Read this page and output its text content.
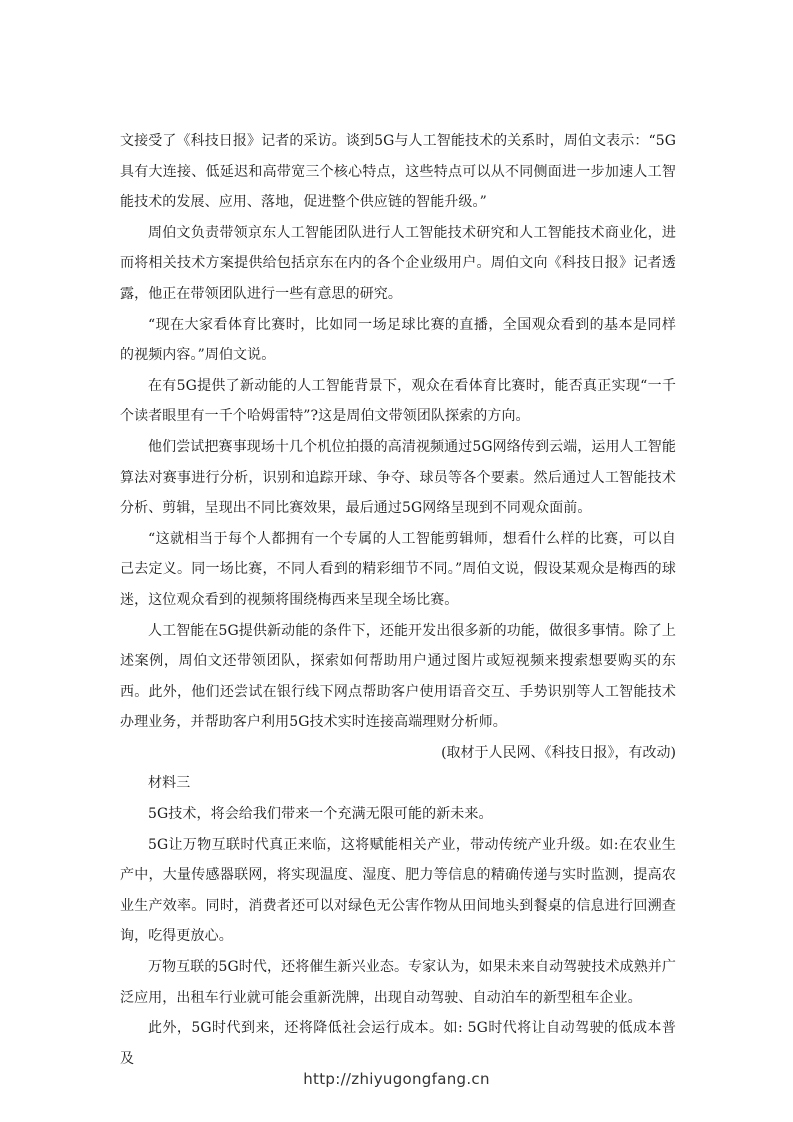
文接受了《科技日报》记者的采访。谈到5G与人工智能技术的关系时，周伯文表示：“5G具有大连接、低延迟和高带宽三个核心特点，这些特点可以从不同侧面进一步加速人工智能技术的发展、应用、落地，促进整个供应链的智能升级。”

周伯文负责带领京东人工智能团队进行人工智能技术研究和人工智能技术商业化，进而将相关技术方案提供给包括京东在内的各个企业级用户。周伯文向《科技日报》记者透露，他正在带领团队进行一些有意思的研究。

“现在大家看体育比赛时，比如同一场足球比赛的直播，全国观众看到的基本是同样的视频内容。”周伯文说。

在有5G提供了新动能的人工智能背景下，观众在看体育比赛时，能否真正实现“一千个读者眼里有一千个哈姆雷特”?这是周伯文带领团队探索的方向。

他们尝试把赛事现场十几个机位拍摄的高清视频通过5G网络传到云端，运用人工智能算法对赛事进行分析，识别和追踪开球、争夺、球员等各个要素。然后通过人工智能技术分析、剪辑，呈现出不同比赛效果，最后通过5G网络呈现到不同观众面前。

“这就相当于每个人都拥有一个专属的人工智能剪辑师，想看什么样的比赛，可以自己去定义。同一场比赛，不同人看到的精彩细节不同。”周伯文说，假设某观众是梅西的球迷，这位观众看到的视频将围绕梅西来呈现全场比赛。

人工智能在5G提供新动能的条件下，还能开发出很多新的功能，做很多事情。除了上述案例，周伯文还带领团队，探索如何帮助用户通过图片或短视频来搜索想要购买的东西。此外，他们还尝试在银行线下网点帮助客户使用语音交互、手势识别等人工智能技术办理业务，并帮助客户利用5G技术实时连接高端理财分析师。

(取材于人民网、《科技日报》，有改动)

材料三

5G技术，将会给我们带来一个充满无限可能的新未来。

5G让万物互联时代真正来临，这将赋能相关产业，带动传统产业升级。如:在农业生产中，大量传感器联网，将实现温度、湿度、肥力等信息的精确传递与实时监测，提高农业生产效率。同时，消费者还可以对绿色无公害作物从田间地头到餐桌的信息进行回溯查询，吃得更放心。

万物互联的5G时代，还将催生新兴业态。专家认为，如果未来自动驾驶技术成熟并广泛应用，出租车行业就可能会重新洗牌，出现自动驾驶、自动泊车的新型租车企业。

此外，5G时代到来，还将降低社会运行成本。如: 5G时代将让自动驾驶的低成本普及

http://zhiyugongfang.cn
